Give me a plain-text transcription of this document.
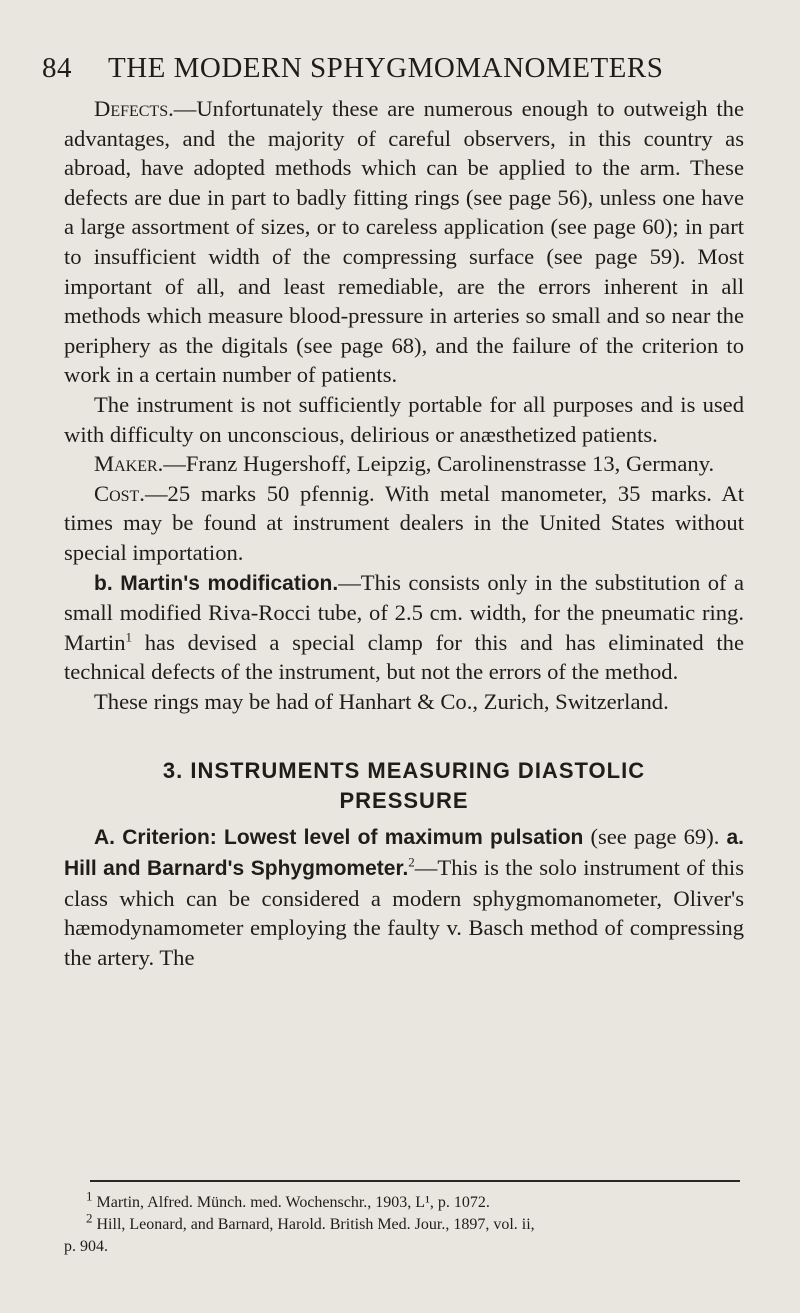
84 THE MODERN SPHYGMOMANOMETERS

Defects.—Unfortunately these are numerous enough to outweigh the advantages, and the majority of careful observers, in this country as abroad, have adopted methods which can be applied to the arm. These defects are due in part to badly fitting rings (see page 56), unless one have a large assortment of sizes, or to careless application (see page 60); in part to insufficient width of the compressing surface (see page 59). Most important of all, and least remediable, are the errors inherent in all methods which measure blood-pressure in arteries so small and so near the periphery as the digitals (see page 68), and the failure of the criterion to work in a certain number of patients.

The instrument is not sufficiently portable for all purposes and is used with difficulty on unconscious, delirious or anæsthetized patients.

Maker.—Franz Hugershoff, Leipzig, Carolinenstrasse 13, Germany.

Cost.—25 marks 50 pfennig. With metal manometer, 35 marks. At times may be found at instrument dealers in the United States without special importation.

b. Martin's modification.—This consists only in the substitution of a small modified Riva-Rocci tube, of 2.5 cm. width, for the pneumatic ring. Martin$^1$ has devised a special clamp for this and has eliminated the technical defects of the instrument, but not the errors of the method.

These rings may be had of Hanhart & Co., Zurich, Switzerland.

3. INSTRUMENTS MEASURING DIASTOLIC
PRESSURE

A. Criterion: Lowest level of maximum pulsation (see page 69). a. Hill and Barnard's Sphygmometer.$^2$—This is the solo instrument of this class which can be considered a modern sphygmomanometer, Oliver's hæmodynamometer employing the faulty v. Basch method of compressing the artery. The

$^1$ Martin, Alfred. Münch. med. Wochenschr., 1903, L¹, p. 1072.

$^2$ Hill, Leonard, and Barnard, Harold. British Med. Jour., 1897, vol. ii,

p. 904.
